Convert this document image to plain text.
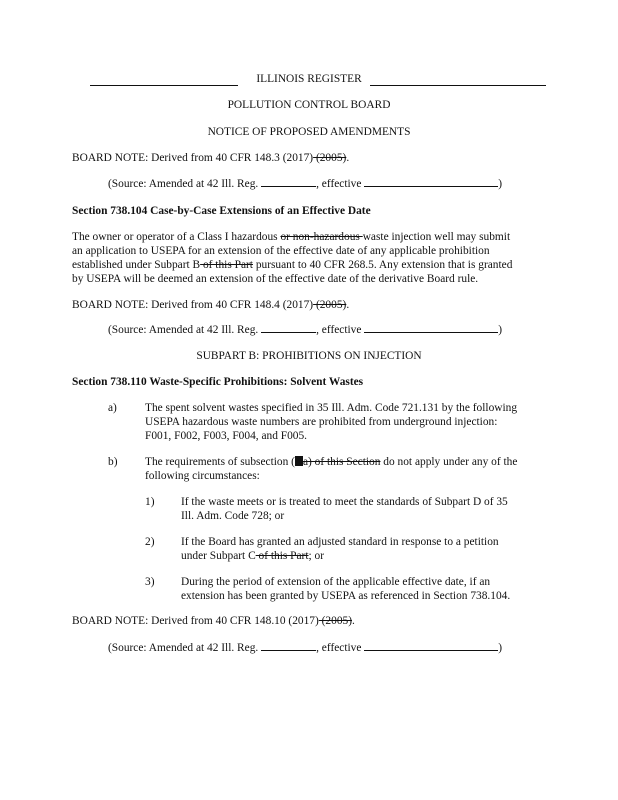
ILLINOIS REGISTER
POLLUTION CONTROL BOARD
NOTICE OF PROPOSED AMENDMENTS
BOARD NOTE: Derived from 40 CFR 148.3 (2017) (2005).
(Source: Amended at 42 Ill. Reg.	, effective	)
Section 738.104 Case-by-Case Extensions of an Effective Date
The owner or operator of a Class I hazardous or non-hazardous waste injection well may submit
an application to USEPA for an extension of the effective date of any applicable prohibition
established under Subpart B of this Part pursuant to 40 CFR 268.5. Any extension that is granted
by USEPA will be deemed an extension of the effective date of the derivative Board rule.
BOARD NOTE: Derived from 40 CFR 148.4 (2017) (2005).
(Source: Amended at 42 Ill. Reg.	, effective	)
SUBPART B: PROHIBITIONS ON INJECTION
Section 738.110 Waste-Specific Prohibitions: Solvent Wastes
a) The spent solvent wastes specified in 35 Ill. Adm. Code 721.131 by the following
USEPA hazardous waste numbers are prohibited from underground injection:
F001, F002, F003, F004, and F005.
b) The requirements of subsection ( a) of this Section do not apply under any of the
following circumstances:
1) If the waste meets or is treated to meet the standards of Subpart D of 35
Ill. Adm. Code 728; or
2) If the Board has granted an adjusted standard in response to a petition
under Subpart C of this Part; or
3) During the period of extension of the applicable effective date, if an
extension has been granted by USEPA as referenced in Section 738.104.
BOARD NOTE: Derived from 40 CFR 148.10 (2017) (2005).
(Source: Amended at 42 Ill. Reg.	, effective	)
